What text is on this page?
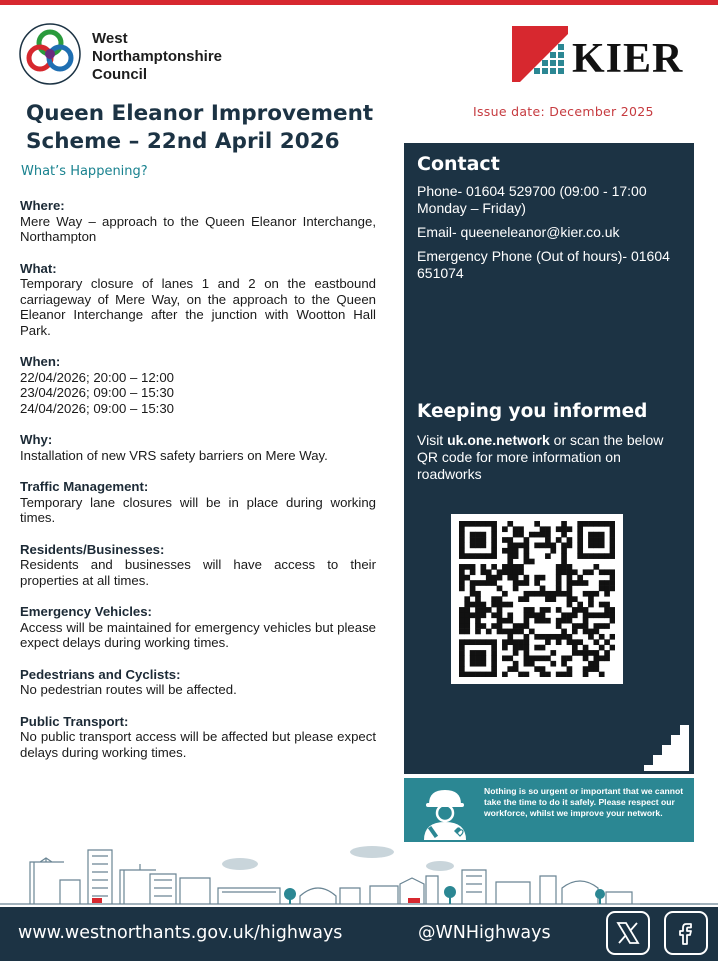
West
Northamptonshire
Council	KIER
Queen Eleanor Improvement
Scheme – 22nd April 2026
Issue date: December 2025
What’s Happening?
Where:
Mere Way – approach to the Queen Eleanor Interchange, Northampton
What:
Temporary closure of lanes 1 and 2 on the eastbound carriageway of Mere Way, on the approach to the Queen Eleanor Interchange after the junction with Wootton Hall Park.
When:
22/04/2026; 20:00 – 12:00
23/04/2026; 09:00 – 15:30
24/04/2026; 09:00 – 15:30
Why:
Installation of new VRS safety barriers on Mere Way.
Traffic Management:
Temporary lane closures will be in place during working times.
Residents/Businesses:
Residents and businesses will have access to their properties at all times.
Emergency Vehicles:
Access will be maintained for emergency vehicles but please expect delays during working times.
Pedestrians and Cyclists:
No pedestrian routes will be affected.
Public Transport:
No public transport access will be affected but please expect delays during working times.
Contact

Phone- 01604 529700 (09:00 - 17:00 Monday – Friday)

Email- queeneleanor@kier.co.uk

Emergency Phone (Out of hours)- 01604 651074

Keeping you informed
Visit uk.one.network or scan the below QR code for more information on roadworks
Nothing is so urgent or important that we cannot take the time to do it safely. Please respect our workforce, whilst we improve your network.
www.westnorthants.gov.uk/highways	@WNHighways
